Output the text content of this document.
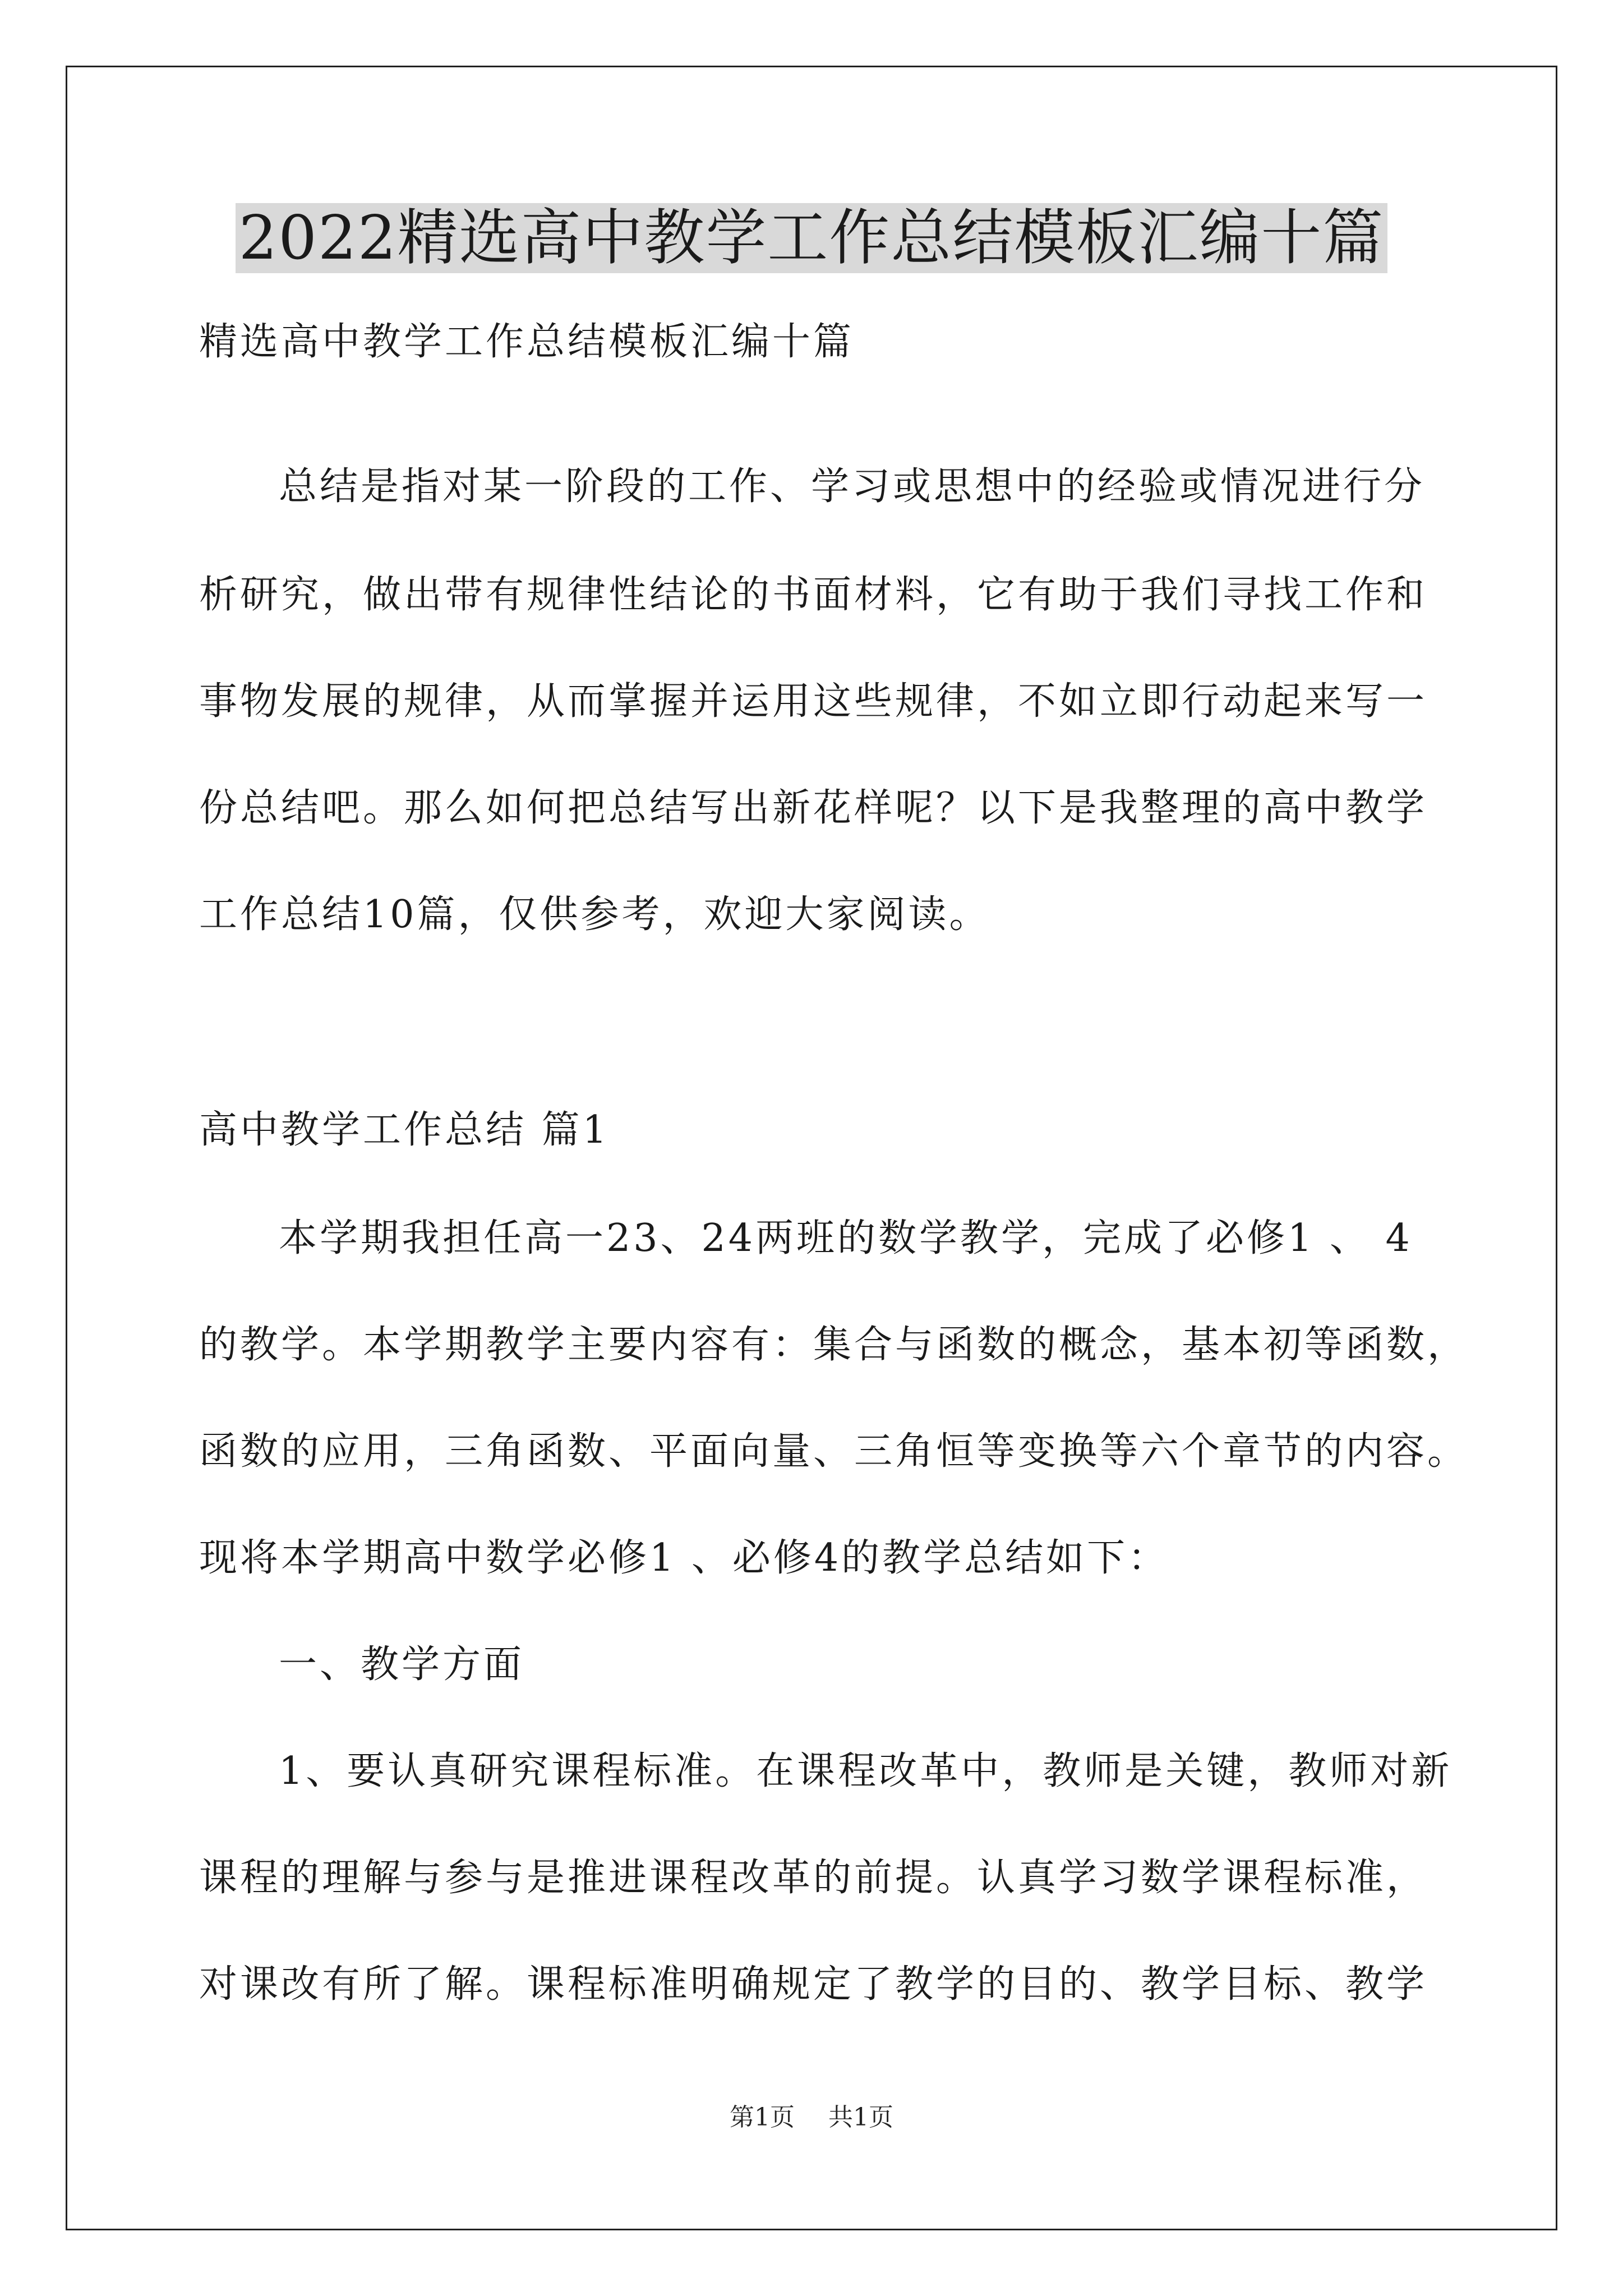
2022精选高中教学工作总结模板汇编十篇
精选高中教学工作总结模板汇编十篇
总结是指对某一阶段的工作、学习或思想中的经验或情况进行分
析研究，做出带有规律性结论的书面材料，它有助于我们寻找工作和
事物发展的规律，从而掌握并运用这些规律，不如立即行动起来写一
份总结吧。那么如何把总结写出新花样呢？以下是我整理的高中教学
工作总结10篇，仅供参考，欢迎大家阅读。
高中教学工作总结 篇1
本学期我担任高一23、24两班的数学教学，完成了必修1 、 4
的教学。本学期教学主要内容有：集合与函数的概念，基本初等函数，
函数的应用，三角函数、平面向量、三角恒等变换等六个章节的内容。
现将本学期高中数学必修1 、必修4的教学总结如下：
一、教学方面
1、要认真研究课程标准。在课程改革中，教师是关键，教师对新
课程的理解与参与是推进课程改革的前提。认真学习数学课程标准，
对课改有所了解。课程标准明确规定了教学的目的、教学目标、教学
第1页 共1页
